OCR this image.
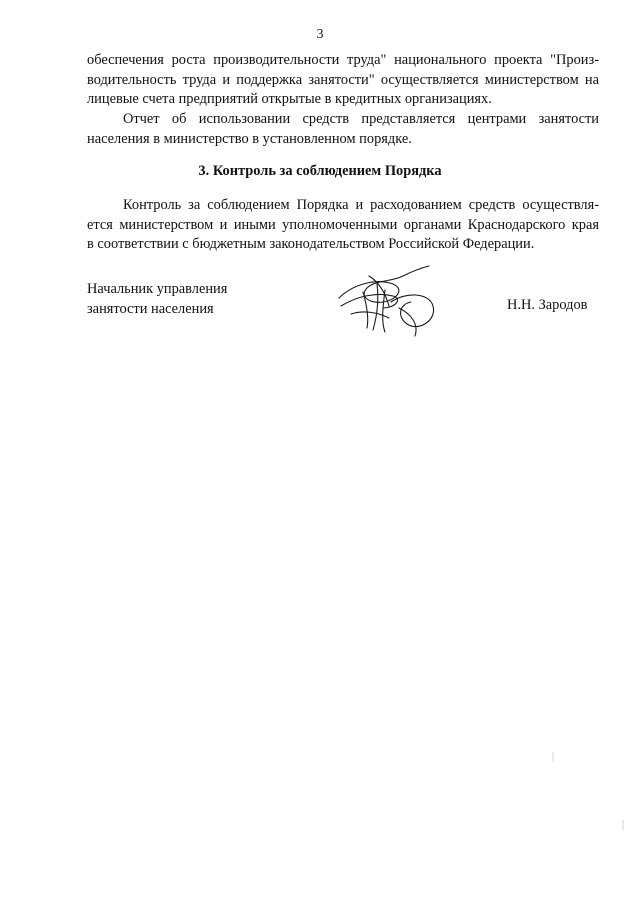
3
обеспечения роста производительности труда" национального проекта "Произ-
водительность труда и поддержка занятости" осуществляется министерством на
лицевые счета предприятий открытые в кредитных организациях.
Отчет об использовании средств представляется центрами занятости
населения в министерство в установленном порядке.
3. Контроль за соблюдением Порядка
Контроль за соблюдением Порядка и расходованием средств осуществля-
ется министерством и иными уполномоченными органами Краснодарского края
в соответствии с бюджетным законодательством Российской Федерации.
Начальник управления
занятости населения	Н.Н. Зародов
